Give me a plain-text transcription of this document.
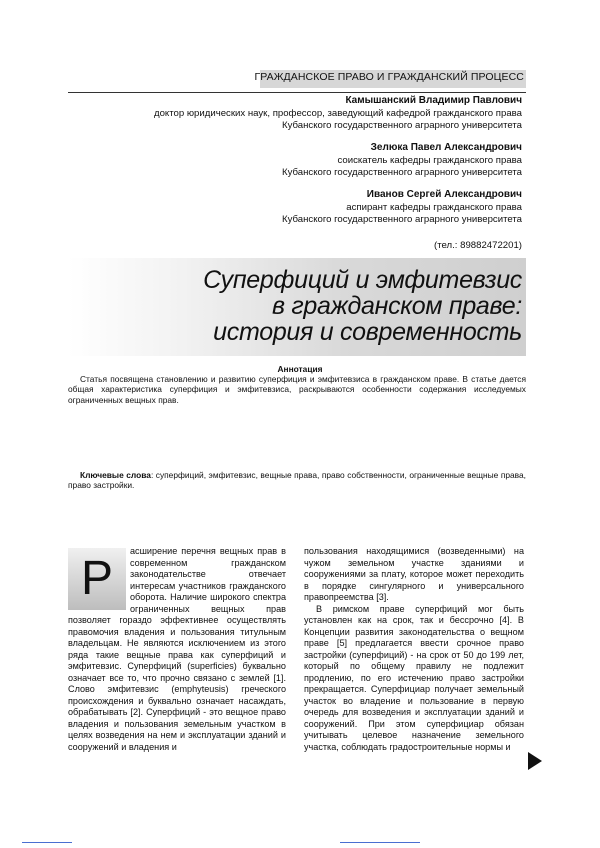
ГРАЖДАНСКОЕ ПРАВО И ГРАЖДАНСКИЙ ПРОЦЕСС
Камышанский Владимир Павлович
доктор юридических наук, профессор, заведующий кафедрой гражданского права
Кубанского государственного аграрного университета
Зелюка Павел Александрович
соискатель кафедры гражданского права
Кубанского государственного аграрного университета
Иванов Сергей Александрович
аспирант кафедры гражданского права
Кубанского государственного аграрного университета
(тел.: 89882472201)
Суперфиций и эмфитевзис
в гражданском праве:
история и современность
Аннотация
Статья посвящена становлению и развитию суперфиция и эмфитевзиса в гражданском праве. В статье дается общая характеристика суперфиция и эмфитевзиса, раскрываются особенности содержания исследуемых ограниченных вещных прав.
Ключевые слова: суперфиций, эмфитевзис, вещные права, право собственности, ограниченные вещные права, право застройки.
Р

асширение перечня вещных прав в современном гражданском законодательстве отвечает интересам участников гражданского оборота. Наличие широкого спектра ограниченных вещных прав позволяет гораздо эффективнее осуществлять правомочия владения и пользования титульным владельцам. Не являются исключением из этого ряда такие вещные права как суперфиций и эмфитевзис. Суперфиций (superficies) буквально означает все то, что прочно связано с землей [1]. Слово эмфитевзис (emphyteusis) греческого происхождения и буквально означает насаждать, обрабатывать [2]. Суперфиций - это вещное право владения и пользования земельным участком в целях возведения на нем и эксплуатации зданий и сооружений и владения и

пользования находящимися (возведенными) на чужом земельном участке зданиями и сооружениями за плату, которое может переходить в порядке сингулярного и универсального правопреемства [3].

В римском праве суперфиций мог быть установлен как на срок, так и бессрочно [4]. В Концепции развития законодательства о вещном праве [5] предлагается ввести срочное право застройки (суперфиций) - на срок от 50 до 199 лет, который по общему правилу не подлежит продлению, по его истечению право застройки прекращается. Суперфициар получает земельный участок во владение и пользование в первую очередь для возведения и эксплуатации зданий и сооружений. При этом суперфициар обязан учитывать целевое назначение земельного участка, соблюдать градостроительные нормы и
